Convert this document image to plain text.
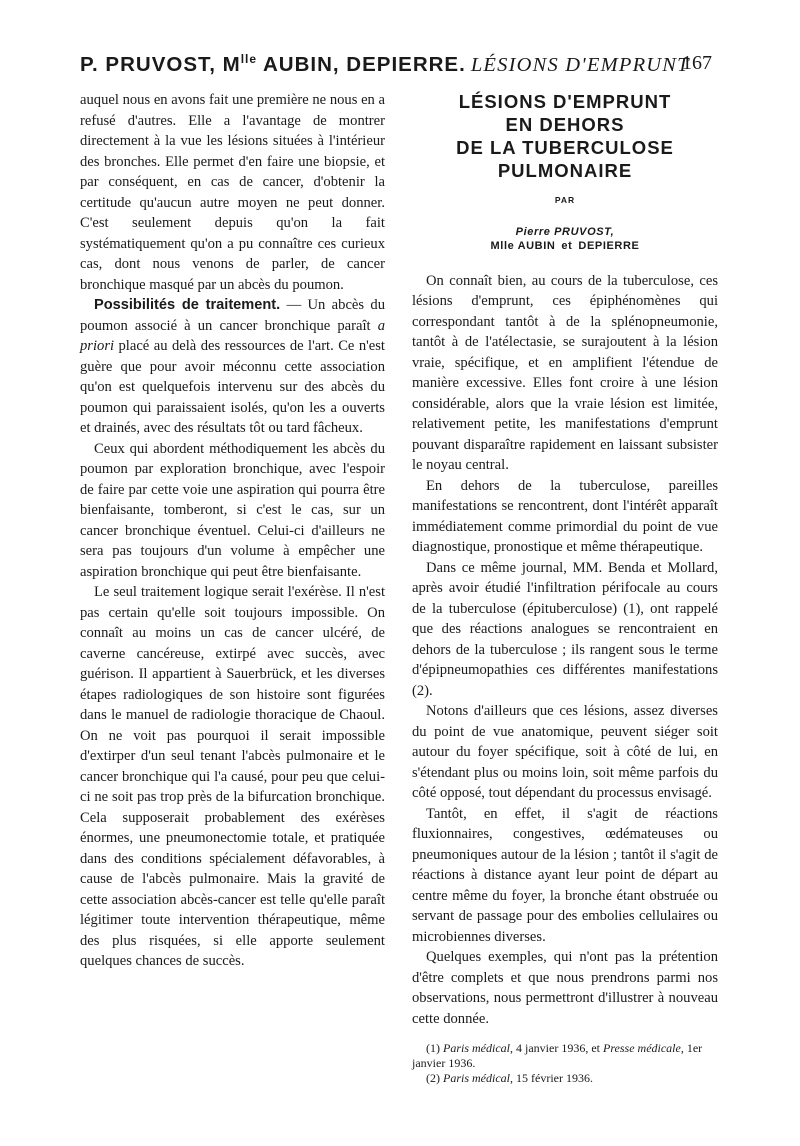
P. PRUVOST, $M^{lle}$ AUBIN, DEPIERRE. LÉSIONS D'EMPRUNT
167

auquel nous en avons fait une première ne nous en a refusé d'autres. Elle a l'avantage de montrer directement à la vue les lésions situées à l'intérieur des bronches. Elle permet d'en faire une biopsie, et par conséquent, en cas de cancer, d'obtenir la certitude qu'aucun autre moyen ne peut donner. C'est seulement depuis qu'on la fait systématiquement qu'on a pu connaître ces curieux cas, dont nous venons de parler, de cancer bronchique masqué par un abcès du poumon.

Possibilités de traitement. — Un abcès du poumon associé à un cancer bronchique paraît a priori placé au delà des ressources de l'art. Ce n'est guère que pour avoir méconnu cette association qu'on est quelquefois intervenu sur des abcès du poumon qui paraissaient isolés, qu'on les a ouverts et drainés, avec des résultats tôt ou tard fâcheux.

Ceux qui abordent méthodiquement les abcès du poumon par exploration bronchique, avec l'espoir de faire par cette voie une aspiration qui pourra être bienfaisante, tomberont, si c'est le cas, sur un cancer bronchique éventuel. Celui-ci d'ailleurs ne sera pas toujours d'un volume à empêcher une aspiration bronchique qui peut être bienfaisante.

Le seul traitement logique serait l'exérèse. Il n'est pas certain qu'elle soit toujours impossible. On connaît au moins un cas de cancer ulcéré, de caverne cancéreuse, extirpé avec succès, avec guérison. Il appartient à Sauerbrück, et les diverses étapes radiologiques de son histoire sont figurées dans le manuel de radiologie thoracique de Chaoul. On ne voit pas pourquoi il serait impossible d'extirper d'un seul tenant l'abcès pulmonaire et le cancer bronchique qui l'a causé, pour peu que celui-ci ne soit pas trop près de la bifurcation bronchique. Cela supposerait probablement des exérèses énormes, une pneumonectomie totale, et pratiquée dans des conditions spécialement défavorables, à cause de l'abcès pulmonaire. Mais la gravité de cette association abcès-cancer est telle qu'elle paraît légitimer toute intervention thérapeutique, même des plus risquées, si elle apporte seulement quelques chances de succès.

LÉSIONS D'EMPRUNT
EN DEHORS
DE LA TUBERCULOSE
PULMONAIRE
PAR
Pierre PRUVOST,
Mlle AUBIN et DEPIERRE

On connaît bien, au cours de la tuberculose, ces lésions d'emprunt, ces épiphénomènes qui correspondant tantôt à de la splénopneumonie, tantôt à de l'atélectasie, se surajoutent à la lésion vraie, spécifique, et en amplifient l'étendue de manière excessive. Elles font croire à une lésion considérable, alors que la vraie lésion est limitée, relativement petite, les manifestations d'emprunt pouvant disparaître rapidement en laissant subsister le noyau central.

En dehors de la tuberculose, pareilles manifestations se rencontrent, dont l'intérêt apparaît immédiatement comme primordial du point de vue diagnostique, pronostique et même thérapeutique.

Dans ce même journal, MM. Benda et Mollard, après avoir étudié l'infiltration périfocale au cours de la tuberculose (épituberculose) (1), ont rappelé que des réactions analogues se rencontraient en dehors de la tuberculose ; ils rangent sous le terme d'épipneumopathies ces différentes manifestations (2).

Notons d'ailleurs que ces lésions, assez diverses du point de vue anatomique, peuvent siéger soit autour du foyer spécifique, soit à côté de lui, en s'étendant plus ou moins loin, soit même parfois du côté opposé, tout dépendant du processus envisagé.

Tantôt, en effet, il s'agit de réactions fluxionnaires, congestives, œdémateuses ou pneumoniques autour de la lésion ; tantôt il s'agit de réactions à distance ayant leur point de départ au centre même du foyer, la bronche étant obstruée ou servant de passage pour des embolies cellulaires ou microbiennes diverses.

Quelques exemples, qui n'ont pas la prétention d'être complets et que nous prendrons parmi nos observations, nous permettront d'illustrer à nouveau cette donnée.

(1) Paris médical, 4 janvier 1936, et Presse médicale, 1er janvier 1936.

(2) Paris médical, 15 février 1936.
